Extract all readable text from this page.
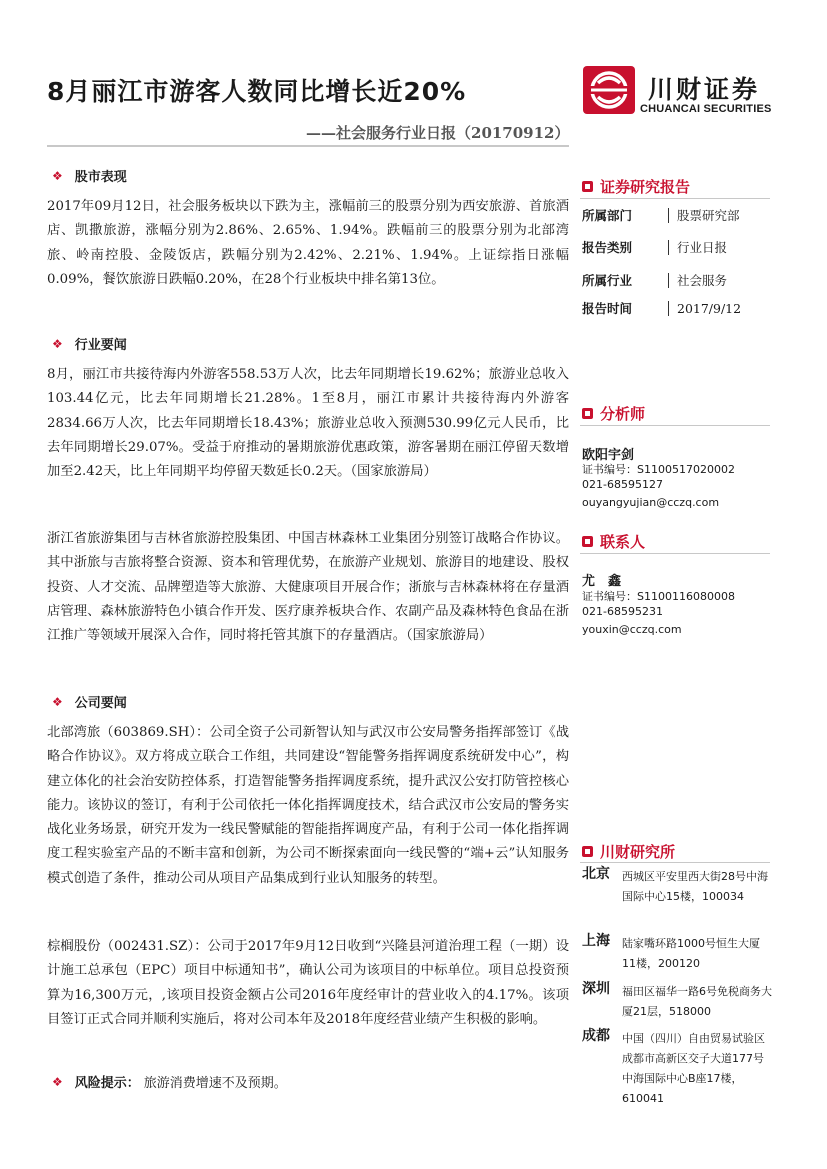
8月丽江市游客人数同比增长近20%
——社会服务行业日报（20170912）
川财证券
CHUANCAI SECURITIES
❖ 股市表现

2017年09月12日，社会服务板块以下跌为主，涨幅前三的股票分别为西安旅游、首旅酒店、凯撒旅游，涨幅分别为2.86%、2.65%、1.94%。跌幅前三的股票分别为北部湾旅、岭南控股、金陵饭店，跌幅分别为2.42%、2.21%、1.94%。上证综指日涨幅0.09%，餐饮旅游日跌幅0.20%，在28个行业板块中排名第13位。

❖ 行业要闻

8月，丽江市共接待海内外游客558.53万人次，比去年同期增长19.62%；旅游业总收入103.44亿元，比去年同期增长21.28%。1至8月，丽江市累计共接待海内外游客2834.66万人次，比去年同期增长18.43%；旅游业总收入预测530.99亿元人民币，比去年同期增长29.07%。受益于府推动的暑期旅游优惠政策，游客暑期在丽江停留天数增加至2.42天，比上年同期平均停留天数延长0.2天。（国家旅游局）

浙江省旅游集团与吉林省旅游控股集团、中国吉林森林工业集团分别签订战略合作协议。其中浙旅与吉旅将整合资源、资本和管理优势，在旅游产业规划、旅游目的地建设、股权投资、人才交流、品牌塑造等大旅游、大健康项目开展合作；浙旅与吉林森林将在存量酒店管理、森林旅游特色小镇合作开发、医疗康养板块合作、农副产品及森林特色食品在浙江推广等领域开展深入合作，同时将托管其旗下的存量酒店。（国家旅游局）

❖ 公司要闻

北部湾旅（603869.SH）：公司全资子公司新智认知与武汉市公安局警务指挥部签订《战略合作协议》。双方将成立联合工作组，共同建设“智能警务指挥调度系统研发中心”，构建立体化的社会治安防控体系，打造智能警务指挥调度系统，提升武汉公安打防管控核心能力。该协议的签订，有利于公司依托一体化指挥调度技术，结合武汉市公安局的警务实战化业务场景，研究开发为一线民警赋能的智能指挥调度产品，有利于公司一体化指挥调度工程实验室产品的不断丰富和创新，为公司不断探索面向一线民警的“端+云”认知服务模式创造了条件，推动公司从项目产品集成到行业认知服务的转型。

棕榈股份（002431.SZ）：公司于2017年9月12日收到“兴隆县河道治理工程（一期）设计施工总承包（EPC）项目中标通知书”，确认公司为该项目的中标单位。项目总投资预算为16,300万元，,该项目投资金额占公司2016年度经审计的营业收入的4.17%。该项目签订正式合同并顺利实施后，将对公司本年及2018年度经营业绩产生积极的影响。

❖ 风险提示： 旅游消费增速不及预期。
证券研究报告
所属部门	股票研究部
报告类别	行业日报
所属行业	社会服务
报告时间	2017/9/12
分析师
欧阳宇剑
证书编号：S1100517020002
021-68595127
ouyangyujian@cczq.com
联系人
尤　鑫
证书编号：S1100116080008
021-68595231
youxin@cczq.com
川财研究所
北京 西城区平安里西大街28号中海国际中心15楼，100034
上海 陆家嘴环路1000号恒生大厦11楼，200120
深圳 福田区福华一路6号免税商务大厦21层，518000
成都 中国（四川）自由贸易试验区成都市高新区交子大道177号中海国际中心B座17楼，610041
